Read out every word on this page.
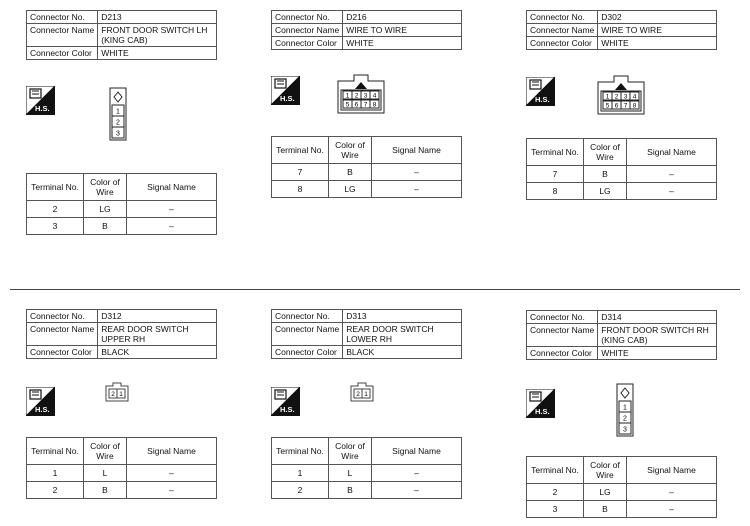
Connector No.	D213
Connector Name	FRONT DOOR SWITCH LH
(KING CAB)

Connector Color	WHITE
H.S.	1
2
3
Terminal No.	Color of Wire	Signal Name
2	LG	–
3	B	–
Connector No.	D216
Connector Name	WIRE TO WIRE
Connector Color	WHITE
H.S.	1 2 3 4
5 6 7 8
Terminal No.	Color of Wire	Signal Name
7	B	–
8	LG	–
Connector No.	D302
Connector Name	WIRE TO WIRE
Connector Color	WHITE
H.S.	1 2 3 4
5 6 7 8
Terminal No.	Color of Wire	Signal Name
7	B	–
8	LG	–
Connector No.	D312
Connector Name	REAR DOOR SWITCH
UPPER RH

Connector Color	BLACK
H.S.
2 1
Terminal No.	Color of Wire	Signal Name
1	L	–
2	B	–
Connector No.	D313
Connector Name	REAR DOOR SWITCH
LOWER RH

Connector Color	BLACK
H.S.
2 1
Terminal No.	Color of Wire	Signal Name
1	L	–
2	B	–
Connector No.	D314
Connector Name	FRONT DOOR SWITCH RH
(KING CAB)

Connector Color	WHITE
H.S.	1
2
3
Terminal No.	Color of Wire	Signal Name
2	LG	–
3	B	–
